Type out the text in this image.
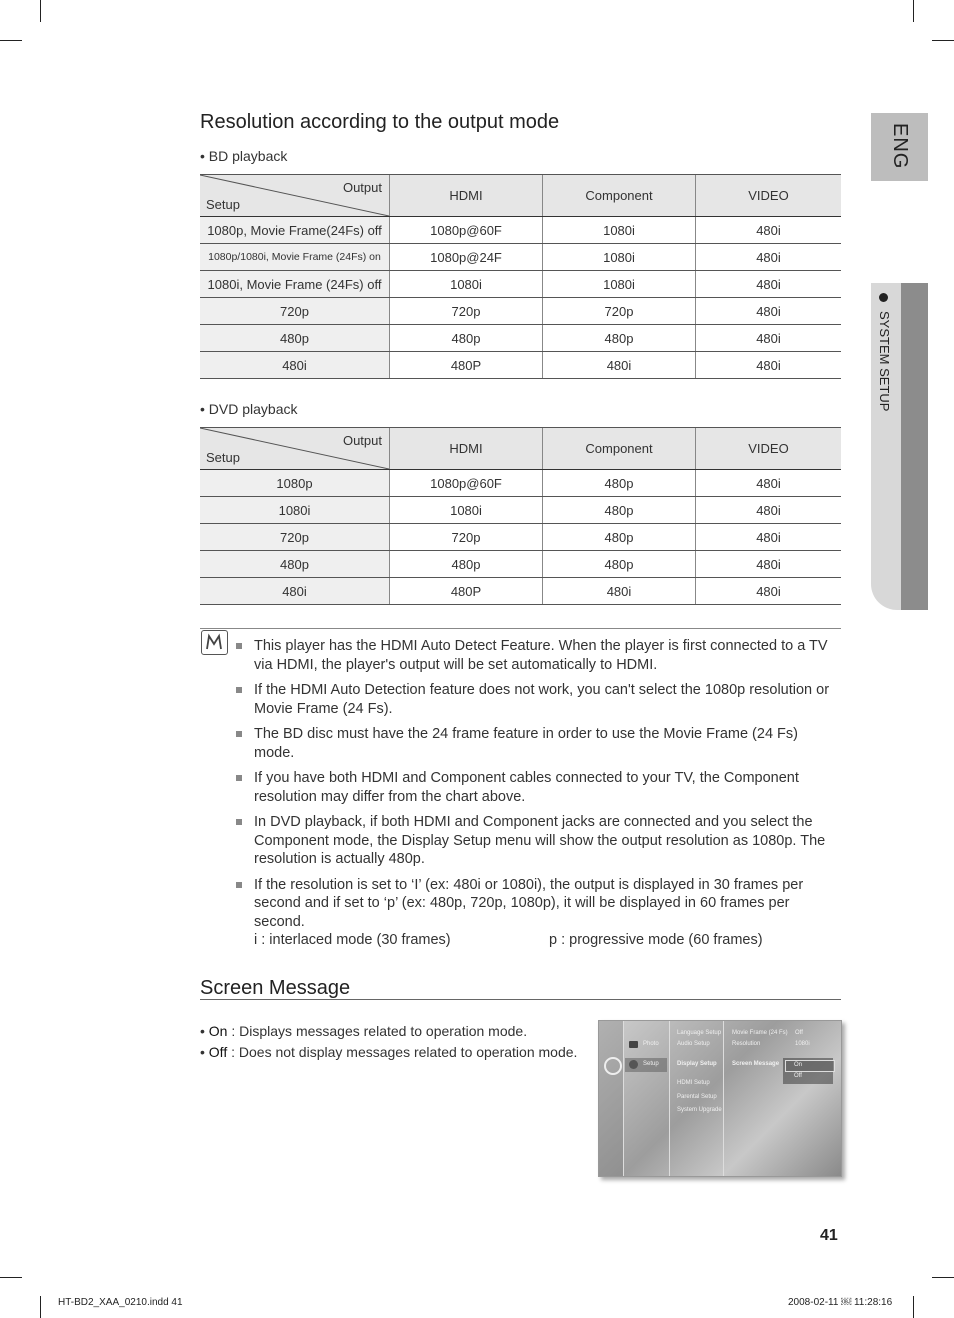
ENG
SYSTEM SETUP
Resolution according to the output mode
• BD playback
Output
Setup	HDMI	Component	VIDEO
1080p, Movie Frame(24Fs) off	1080p@60F	1080i	480i
1080p/1080i, Movie Frame (24Fs) on	1080p@24F	1080i	480i
1080i, Movie Frame (24Fs) off	1080i	1080i	480i
720p	720p	720p	480i
480p	480p	480p	480i
480i	480P	480i	480i
• DVD playback
Output
Setup	HDMI	Component	VIDEO
1080p	1080p@60F	480p	480i
1080i	1080i	480p	480i
720p	720p	480p	480i
480p	480p	480p	480i
480i	480P	480i	480i
This player has the HDMI Auto Detect Feature. When the player is first connected to a TV via HDMI, the player's output will be set automatically to HDMI.
If the HDMI Auto Detection feature does not work, you can't select the 1080p resolution or Movie Frame (24 Fs).
The BD disc must have the 24 frame feature in order to use the Movie Frame (24 Fs) mode.
If you have both HDMI and Component cables connected to your TV, the Component resolution may differ from the chart above.
In DVD playback, if both HDMI and Component jacks are connected and you select the Component mode, the Display Setup menu will show the output resolution as 1080p. The resolution is actually 480p.
If the resolution is set to ‘I’ (ex: 480i or 1080i), the output is displayed in 30 frames per second and if set to ‘p’ (ex: 480p, 720p, 1080p), it will be displayed in 60 frames per second.
i : interlaced mode (30 frames)	p : progressive mode (60 frames)
Screen Message
• On : Displays messages related to operation mode.
• Off : Does not display messages related to operation mode.	Photo
Setup
Language Setup
Audio Setup
Display Setup
HDMI Setup
Parental Setup
System Upgrade
Movie Frame (24 Fs) Off
Resolution	1080i
Screen Message On
Off
41
HT-BD2_XAA_0210.indd 41	2008-02-11 ￼ 11:28:16
